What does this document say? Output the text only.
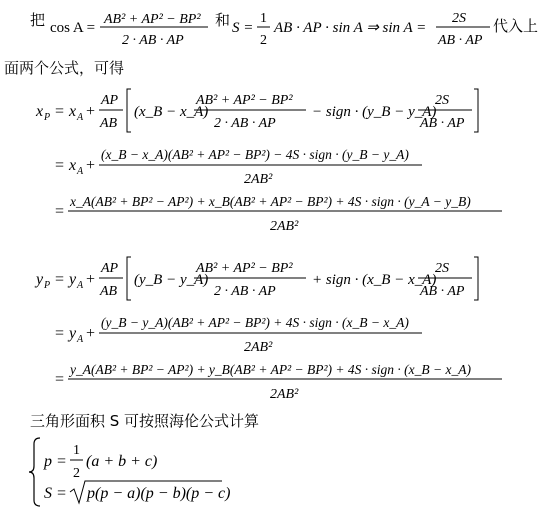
把	和	代入上
面两个公式，可得
三角形面积 S 可按照海伦公式计算
cos A =
AB² + AP² − BP²
2 · AB · AP
S =
1
2
AB · AP · sin A ⇒ sin A =
2S
AB · AP
x P = x A +
AP
AB
(x_B − x_A)
AB² + AP² − BP²
2 · AB · AP
− sign · (y_B − y_A)
2S
AB · AP
= x A +
(x_B − x_A)(AB² + AP² − BP²) − 4S · sign · (y_B − y_A)
2AB²
=
x_A(AB² + BP² − AP²) + x_B(AB² + AP² − BP²) + 4S · sign · (y_A − y_B)
2AB²
y P = y A +
AP
AB
(y_B − y_A)
AB² + AP² − BP²
2 · AB · AP
+ sign · (x_B − x_A)
2S
AB · AP
= y A +
(y_B − y_A)(AB² + AP² − BP²) + 4S · sign · (x_B − x_A)
2AB²
=
y_A(AB² + BP² − AP²) + y_B(AB² + AP² − BP²) + 4S · sign · (x_B − x_A)
2AB²
p =
1
2
(a + b + c)
S = p(p − a)(p − b)(p − c)
